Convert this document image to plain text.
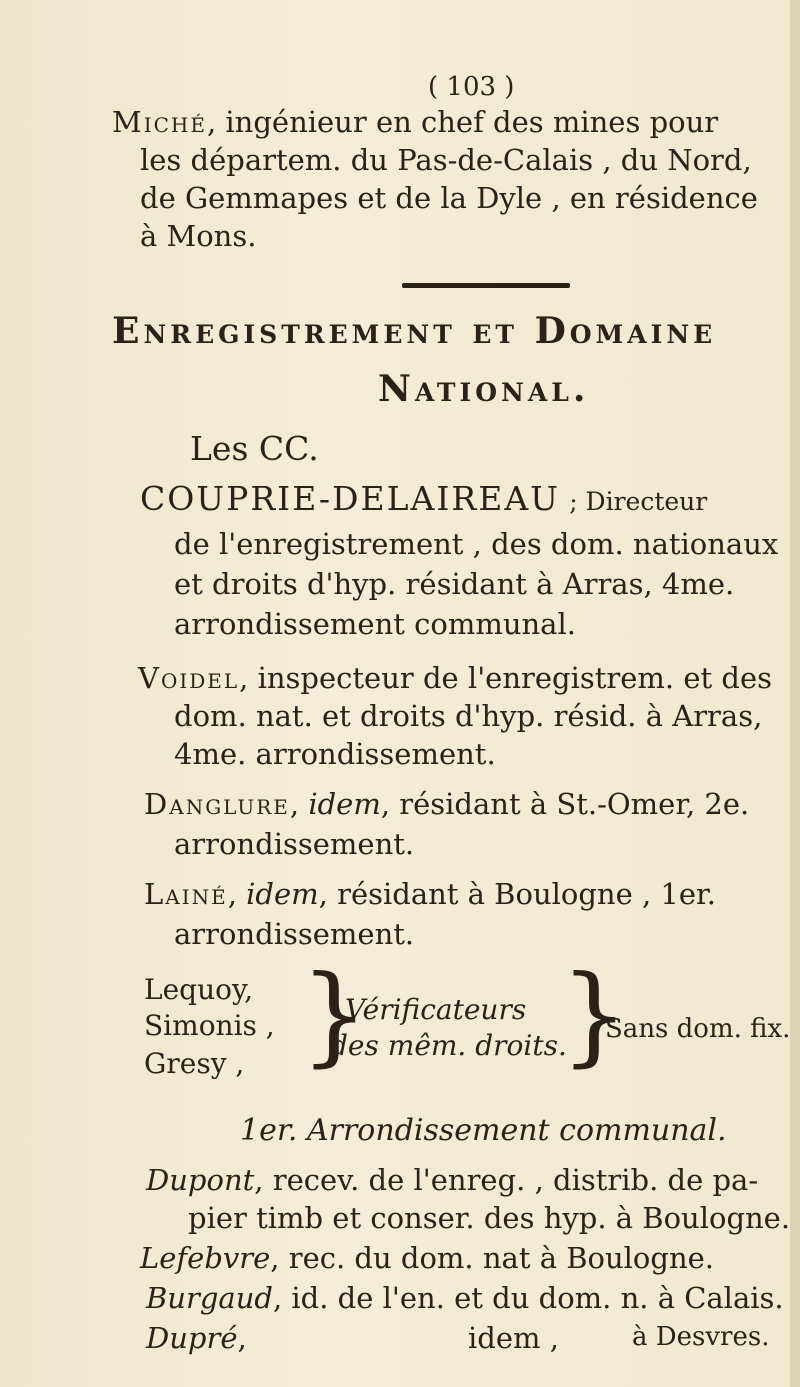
( 103 )
Miché, ingénieur en chef des mines pour
les départem. du Pas-de-Calais , du Nord,
de Gemmapes et de la Dyle , en résidence
à Mons.
Enregistrement et Domaine
National.
Les CC.
COUPRIE-DELAIREAU ; Directeur
de l'enregistrement , des dom. nationaux
et droits d'hyp. résidant à Arras, 4me.
arrondissement communal.
Voidel, inspecteur de l'enregistrem. et des
dom. nat. et droits d'hyp. résid. à Arras,
4me. arrondissement.
Danglure, idem, résidant à St.-Omer, 2e.
arrondissement.
Lainé, idem, résidant à Boulogne , 1er.
arrondissement.
Lequoy,
Simonis ,
Gresy , }
Vérificateurs
des mêm. droits.
}
Sans dom. fix.
1er. Arrondissement communal.
Dupont, recev. de l'enreg. , distrib. de pa-
pier timb et conser. des hyp. à Boulogne.
Lefebvre, rec. du dom. nat à Boulogne.
Burgaud, id. de l'en. et du dom. n. à Calais.
Dupré,	idem ,	à Desvres.
